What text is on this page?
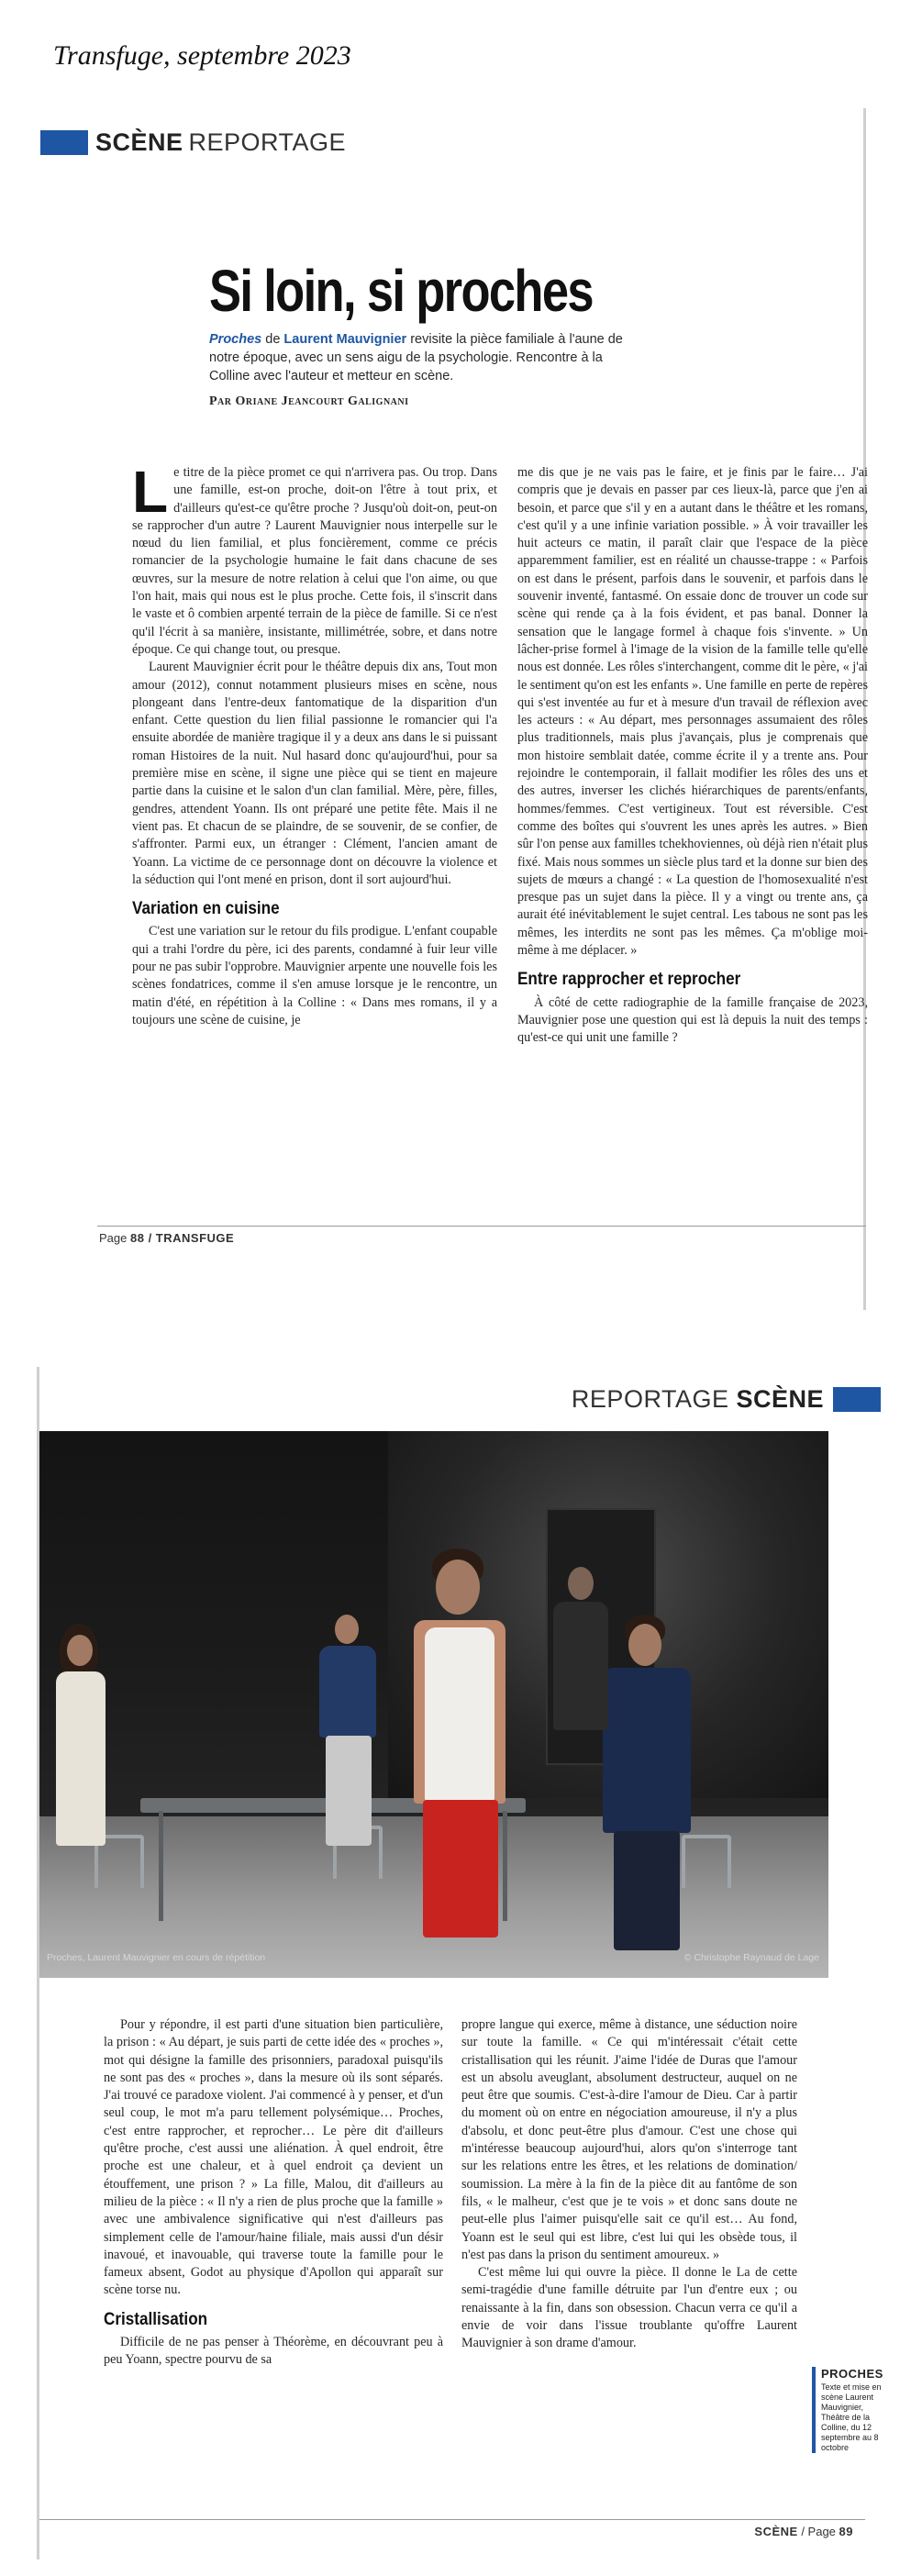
Transfuge, septembre 2023
SCÈNE REPORTAGE
Si loin, si proches
Proches de Laurent Mauvignier revisite la pièce familiale à l'aune de notre époque, avec un sens aigu de la psychologie. Rencontre à la Colline avec l'auteur et metteur en scène.
Par Oriane Jeancourt Galignani

Le titre de la pièce promet ce qui n'arrivera pas. Ou trop. Dans une famille, est-on proche, doit-on l'être à tout prix, et d'ailleurs qu'est-ce qu'être proche ? Jusqu'où doit-on, peut-on se rapprocher d'un autre ? Laurent Mauvignier nous interpelle sur le nœud du lien familial, et plus foncièrement, comme ce précis romancier de la psychologie humaine le fait dans chacune de ses œuvres, sur la mesure de notre relation à celui que l'on aime, ou que l'on hait, mais qui nous est le plus proche. Cette fois, il s'inscrit dans le vaste et ô combien arpenté terrain de la pièce de famille. Si ce n'est qu'il l'écrit à sa manière, insistante, millimétrée, sobre, et dans notre époque. Ce qui change tout, ou presque.

Laurent Mauvignier écrit pour le théâtre depuis dix ans, Tout mon amour (2012), connut notamment plusieurs mises en scène, nous plongeant dans l'entre-deux fantomatique de la disparition d'un enfant. Cette question du lien filial passionne le romancier qui l'a ensuite abordée de manière tragique il y a deux ans dans le si puissant roman Histoires de la nuit. Nul hasard donc qu'aujourd'hui, pour sa première mise en scène, il signe une pièce qui se tient en majeure partie dans la cuisine et le salon d'un clan familial. Mère, père, filles, gendres, attendent Yoann. Ils ont préparé une petite fête. Mais il ne vient pas. Et chacun de se plaindre, de se souvenir, de se confier, de s'affronter. Parmi eux, un étranger : Clément, l'ancien amant de Yoann. La victime de ce personnage dont on découvre la violence et la séduction qui l'ont mené en prison, dont il sort aujourd'hui.

Variation en cuisine

C'est une variation sur le retour du fils prodigue. L'enfant coupable qui a trahi l'ordre du père, ici des parents, condamné à fuir leur ville pour ne pas subir l'opprobre. Mauvignier arpente une nouvelle fois les scènes fondatrices, comme il s'en amuse lorsque je le rencontre, un matin d'été, en répétition à la Colline : « Dans mes romans, il y a toujours une scène de cuisine, je

me dis que je ne vais pas le faire, et je finis par le faire… J'ai compris que je devais en passer par ces lieux-là, parce que j'en ai besoin, et parce que s'il y en a autant dans le théâtre et les romans, c'est qu'il y a une infinie variation possible. » À voir travailler les huit acteurs ce matin, il paraît clair que l'espace de la pièce apparemment familier, est en réalité un chausse-trappe : « Parfois on est dans le présent, parfois dans le souvenir, et parfois dans le souvenir inventé, fantasmé. On essaie donc de trouver un code sur scène qui rende ça à la fois évident, et pas banal. Donner la sensation que le langage formel à chaque fois s'invente. » Un lâcher-prise formel à l'image de la vision de la famille telle qu'elle nous est donnée. Les rôles s'interchangent, comme dit le père, « j'ai le sentiment qu'on est les enfants ». Une famille en perte de repères qui s'est inventée au fur et à mesure d'un travail de réflexion avec les acteurs : « Au départ, mes personnages assumaient des rôles plus traditionnels, mais plus j'avançais, plus je comprenais que mon histoire semblait datée, comme écrite il y a trente ans. Pour rejoindre le contemporain, il fallait modifier les rôles des uns et des autres, inverser les clichés hiérarchiques de parents/enfants, hommes/femmes. C'est vertigineux. Tout est réversible. C'est comme des boîtes qui s'ouvrent les unes après les autres. » Bien sûr l'on pense aux familles tchekhoviennes, où déjà rien n'était plus fixé. Mais nous sommes un siècle plus tard et la donne sur bien des sujets de mœurs a changé : « La question de l'homosexualité n'est presque pas un sujet dans la pièce. Il y a vingt ou trente ans, ça aurait été inévitablement le sujet central. Les tabous ne sont pas les mêmes, les interdits ne sont pas les mêmes. Ça m'oblige moi-même à me déplacer. »

Entre rapprocher et reprocher

À côté de cette radiographie de la famille française de 2023, Mauvignier pose une question qui est là depuis la nuit des temps : qu'est-ce qui unit une famille ?

Page 88 / TRANSFUGE
REPORTAGE SCÈNE
Proches, Laurent Mauvignier en cours de répétition	© Christophe Raynaud de Lage

Pour y répondre, il est parti d'une situation bien particulière, la prison : « Au départ, je suis parti de cette idée des « proches », mot qui désigne la famille des prisonniers, paradoxal puisqu'ils ne sont pas des « proches », dans la mesure où ils sont séparés. J'ai trouvé ce paradoxe violent. J'ai commencé à y penser, et d'un seul coup, le mot m'a paru tellement polysémique… Proches, c'est entre rapprocher, et reprocher… Le père dit d'ailleurs qu'être proche, c'est aussi une aliénation. À quel endroit, être proche est une chaleur, et à quel endroit ça devient un étouffement, une prison ? » La fille, Malou, dit d'ailleurs au milieu de la pièce : « Il n'y a rien de plus proche que la famille » avec une ambivalence significative qui n'est d'ailleurs pas simplement celle de l'amour/haine filiale, mais aussi d'un désir inavoué, et inavouable, qui traverse toute la famille pour le fameux absent, Godot au physique d'Apollon qui apparaît sur scène torse nu.

Cristallisation

Difficile de ne pas penser à Théorème, en découvrant peu à peu Yoann, spectre pourvu de sa

propre langue qui exerce, même à distance, une séduction noire sur toute la famille. « Ce qui m'intéressait c'était cette cristallisation qui les réunit. J'aime l'idée de Duras que l'amour est un absolu aveuglant, absolument destructeur, auquel on ne peut être que soumis. C'est-à-dire l'amour de Dieu. Car à partir du moment où on entre en négociation amoureuse, il n'y a plus d'absolu, et donc peut-être plus d'amour. C'est une chose qui m'intéresse beaucoup aujourd'hui, alors qu'on s'interroge tant sur les relations entre les êtres, et les relations de domination/ soumission. La mère à la fin de la pièce dit au fantôme de son fils, « le malheur, c'est que je te vois » et donc sans doute ne peut-elle plus l'aimer puisqu'elle sait ce qu'il est… Au fond, Yoann est le seul qui est libre, c'est lui qui les obsède tous, il n'est pas dans la prison du sentiment amoureux. »

C'est même lui qui ouvre la pièce. Il donne le La de cette semi-tragédie d'une famille détruite par l'un d'entre eux ; ou renaissante à la fin, dans son obsession. Chacun verra ce qu'il a envie de voir dans l'issue troublante qu'offre Laurent Mauvignier à son drame d'amour.

PROCHES
Texte et mise en scène Laurent Mauvignier, Théâtre de la Colline, du 12 septembre au 8 octobre
SCÈNE / Page 89
